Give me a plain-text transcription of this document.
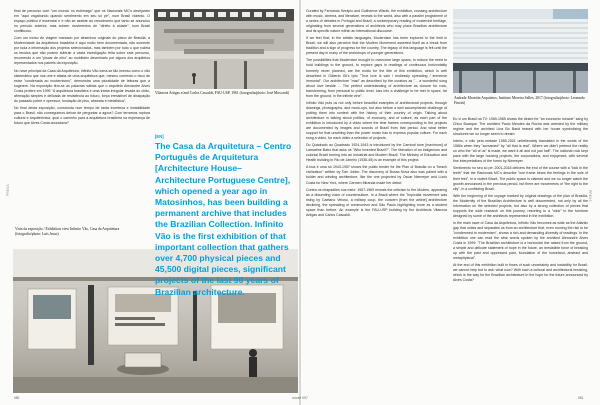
PRESS	PRESS

final de percurso com "um mundo no estômago" que os Nacionais MC's desejaram em "aqui vagabundo quando sentimento em seu só pé", num Brasil violento. O espaço público é essencial e é não se assiste ao crescimento que tanto se anunciou no período anterior, mas sobem movimentos de "direito à cidade", num Brasil conflituoso.

Com um inciso de viagem marcado por desenhos originais do plano de Brasília, a Modernidade da arquitetura brasileira é aqui muito bem documentada, não somente por toda a informação dos projetos selecionados, mas também por tudo o que rodeia os tecidos que não podem subtrair à vasta investigação feita sobre este percurso, recorrendo a um "piscar de olho" ao mobiliário desenhado por alguns dos arquitetos representados nos painéis da exposição.

No nave principal da Casa da Arquitetura, Infinito Vão toma-se tão imenso como o vão sistemático que nos une e afasta de uma arquitetura que, mesmo correndo o risco de estar "condenada ao modernismo", demonstra uma pluralidade de leituras que a sugerem. Na exposição têm-se as palavras sábias que o arquiteto Alexandre Alves Costa profere em 1999 "A arquitetura brasileira é uma trama irregular levada do chão, afirmação simples e delicada de resistência ao futuro, força irresistível de dissipação do passado pobre e opressor, fundação de piso, abstrata e metafísica".

No final desta exposição, construída num tempo de tanta incerteza e instabilidade para o Brasil, não conseguimos deixar de perguntar a agora? Com terramos ruptura cultural e arquitetónica, qual o caminho para a arquitetura brasileira na esperança de futuro que Alves Costa anunciava?

Vista da exposição / Exhibition view Infinito Vão, Casa da Arquitetura (fotografia/photo: Luís Jesus)
Vilanova Artigas e/and Carlos Cascaldi, FAU-USP, 1961 (fotografia/photo: José Moscardi)
[EN]
The Casa da Arquitetura – Centro Português de Arquitetura [Architecture House– Architecture Portuguese Centre], which opened a year ago in Matosinhos, has been building a permanent archive that includes the Brazilian Collection. Infinito Vão is the first exhibition of that important collection that gathers over 4,700 physical pieces and 45,500 digital pieces, significant projects of the last 90 years of Brazilian architecture.

Curated by Fernando Serápio and Guilherme Wisnik, the exhibition, crossing architecture with music, cinema, and literature, reveals to the world, also with a parallel programme of a series of debates in Portugal and Brazil, a contemporary reading of modernist heritage, originating from several generations of architects who may place Brazilian architecture and its specific nature within an international discourse.

If we feel that, in the artistic languages, Modernism has been explored to the limit in Brazil, we will also perceive that the Modern Movement asserted itself as a break from tradition and a sign of progress for the country. The legacy of this language is felt until the present day in many of the workshops of younger generations.

The possibilities that Modernism brought to overcome large spans, to reduce the need to hold buildings to the ground, to explore gaps in readings of continuous horizontality formerly never planned, are the motto for the title of this exhibition, which is well described in Gilberto Gil's lyric "True love is vain / endlessly spreading / immense immortal". Our architecture "mad" as described by the curators as "... a wonderful song about love beside ... The perfect understanding of architecture as closure for rock, transforming, from personal to public level, loss into a challenge to be met in space, far from the ground, in the infinite vine".

Infinito Vão puts us not only before beautiful examples of architectural projects, through drawings, photographs, and mock-ups, but also before a well accomplished challenge of putting them into context with the history of their country of origin. Talking about architecture is talking about politics, of economy, and of culture, as each part of the exhibition is introduced by a video where the time frames corresponding to the projects are documented by images and sounds of Brazil from that period. And what better support for that unveiling than the power music has to express popular culture. For each song a video, for each video a selection of projects.

Do Quadrado ao Quadrado 1924-1943 is introduced by the Carnival tune [maximum] of Lamartine Babo that asks us "Who invented Brazil?". The liberation of an indigenous and colonial Brazil turning into an industrial and Modern Brazil. The Ministry of Education and Health building in Rio de Janeiro (1936-45) is an example of this project.

A boa é uma só 1943-1957 shows the public tender for the Plan of Brasília on a "beach civilization" written by Tom Jobim. The discovery of Bossa Nova also was paired with a bolder and winding architecture, like the one projected by Oscar Niemeyer and Lúcio Costa for New York, where Carmen Miranda made her debut.

Contra os chapadões nus metz: 1957-1969 reveals the criticism to the Modern, appearing as a dissenting voice of counterculture. In a Brazil where the Tropicália movement was rising by Caetano Veloso, a military coup, the concern [from the airline] architecture declining, the spreading of communism and São Paulo highlighting more as a student space than before. An example is the FAU-USP building by the Architects Vilanova Artigas and Carlos Cascaldi.

Andrade Morettin Arquitetos, Instituto Moreira Salles, 2017 (fotografia/photo: Leonardo Finotti)

Eu vi um Brasil na TV: 1969-1985 shows the desire for "an economic miracle" sang by Chico Buarque. The architect Paulo Mendes da Rocha was arrested by the military regime and the architect Lina Bo Bardi teased with her house symbolising the structures we no longer seem to dream.

Inteiro, e não pela metade 1985-2001 unbelievably translated in the words of the 1980s when they "screamed" by "all that is real". Where we didn't pretend the reality on who the "all of us" is made, we want it all and not just half". The national rock kept pace with the large housing projects, the corporations, and enjoyment, with several fine interpretations of the forms by Niemeyer.

Sentimento no seu só pé: 2001-2018 delivers the end of the course with a "kick in the teeth" that the Racionais MC's describe "one frame bears the feelings in the sole of their feet", in a violent Brazil. The public space is claimed and we no longer watch the growth announced in the previous period, but there are movements of "the right to the city", in a conflicting Brazil.

With the beginning of the voyage marked by original drawings of the plan of Brasília, the Modernity of the Brazilian Architecture is well documented, not only by all the information on the selected projects, but also by a strong collection of pieces that supports the wide research on this journey, resorting to a "wink" to the furniture designed by some of the architects represented in the exhibition.

In the main nave of Casa da Arquitetura, Infinito Vão becomes as wide as the Atlantic gap that unites and separates us from an architecture that, even running the risk to be "condemned to modernism", shows a rich and demanding diversity of readings. In the exhibition one can read the wise words spoken by the architect Alexandre Alves Costa in 1999: "The Brazilian architecture is a horizontal line raised from the ground, a simple and delicate statement of hope in the future, an irresistible force of breaking up with the past and oppressed past, foundation of the homeland, abstract and metaphysical".

At the end of this exhibition built in times of such uncertainty and instability for Brazil, we cannot help but to ask: what now? With such a cultural and architectural breaking, which is the way for the Brazilian architecture in the hope for the future announced by Alves Costa?

unosé 097
050	051
